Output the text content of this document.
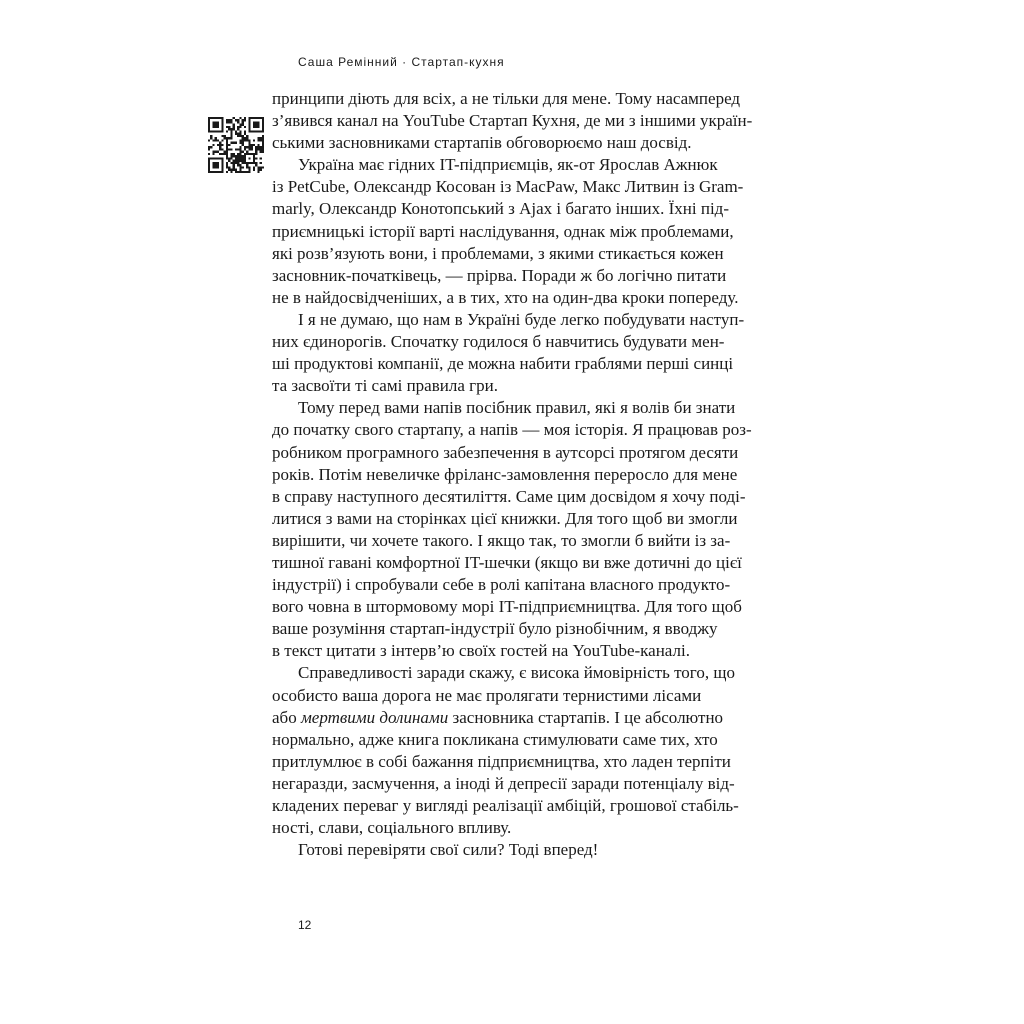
Саша Ремінний · Стартап-кухня
принципи діють для всіх, а не тільки для мене. Тому насамперед
з’явився канал на YouTube Стартап Кухня, де ми з іншими україн-
ськими засновниками стартапів обговорюємо наш досвід.
Україна має гідних IT-підприємців, як-от Ярослав Ажнюк
із PetCube, Олександр Косован із MacPaw, Макс Литвин із Gram-
marly, Олександр Конотопський з Ajax і багато інших. Їхні під-
приємницькі історії варті наслідування, однак між проблемами,
які розв’язують вони, і проблемами, з якими стикається кожен
засновник-початківець, — прірва. Поради ж бо логічно питати
не в найдосвідченіших, а в тих, хто на один-два кроки попереду.
І я не думаю, що нам в Україні буде легко побудувати наступ-
них єдинорогів. Спочатку годилося б навчитись будувати мен-
ші продуктові компанії, де можна набити граблями перші синці
та засвоїти ті самі правила гри.
Тому перед вами напів посібник правил, які я волів би знати
до початку свого стартапу, а напів — моя історія. Я працював роз-
робником програмного забезпечення в аутсорсі протягом десяти
років. Потім невеличке фріланс-замовлення переросло для мене
в справу наступного десятиліття. Саме цим досвідом я хочу поді-
литися з вами на сторінках цієї книжки. Для того щоб ви змогли
вирішити, чи хочете такого. І якщо так, то змогли б вийти із за-
тишної гавані комфортної IT-шечки (якщо ви вже дотичні до цієї
індустрії) і спробували себе в ролі капітана власного продукто-
вого човна в штормовому морі IT-підприємництва. Для того щоб
ваше розуміння стартап-індустрії було різнобічним, я вводжу
в текст цитати з інтерв’ю своїх гостей на YouTube-каналі.
Справедливості заради скажу, є висока ймовірність того, що
особисто ваша дорога не має пролягати тернистими лісами
або мертвими долинами засновника стартапів. І це абсолютно
нормально, адже книга покликана стимулювати саме тих, хто
притлумлює в собі бажання підприємництва, хто ладен терпіти
негаразди, засмучення, а іноді й депресії заради потенціалу від-
кладених переваг у вигляді реалізації амбіцій, грошової стабіль-
ності, слави, соціального впливу.
Готові перевіряти свої сили? Тоді вперед!
12
